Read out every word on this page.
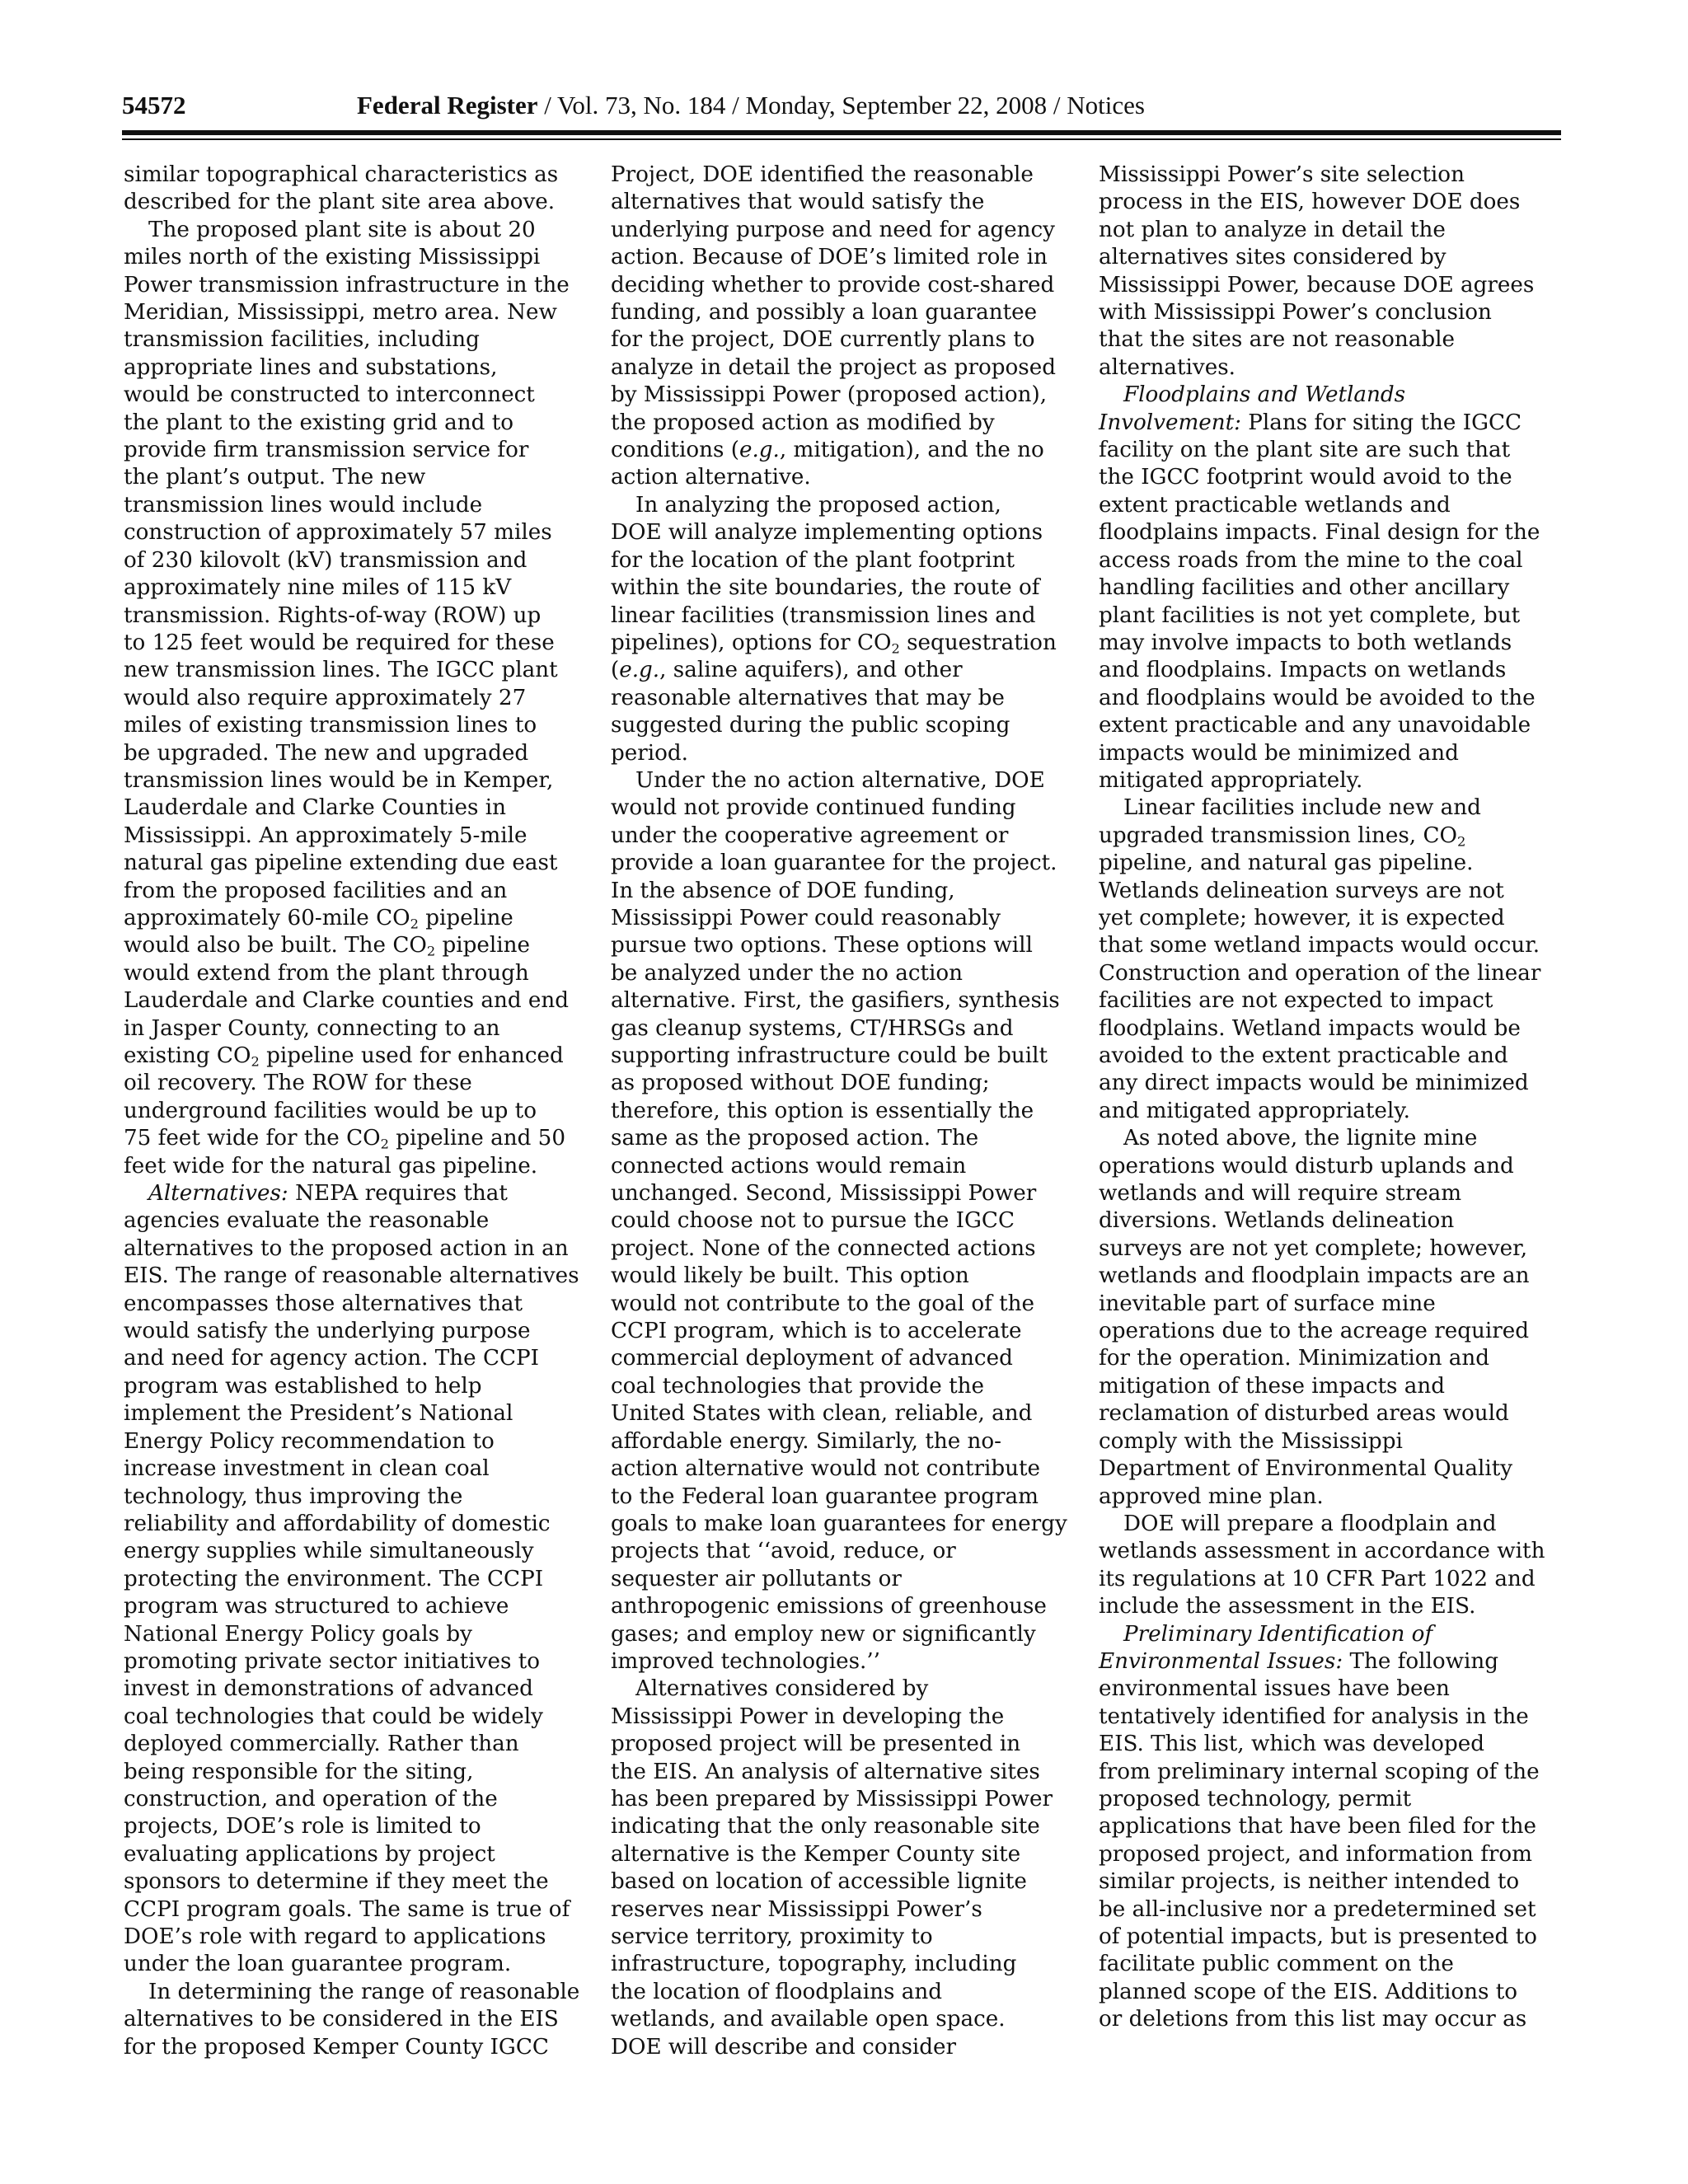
54572	Federal Register / Vol. 73, No. 184 / Monday, September 22, 2008 / Notices

similar topographical characteristics as

described for the plant site area above.

The proposed plant site is about 20

miles north of the existing Mississippi

Power transmission infrastructure in the

Meridian, Mississippi, metro area. New

transmission facilities, including

appropriate lines and substations,

would be constructed to interconnect

the plant to the existing grid and to

provide firm transmission service for

the plant’s output. The new

transmission lines would include

construction of approximately 57 miles

of 230 kilovolt (kV) transmission and

approximately nine miles of 115 kV

transmission. Rights-of-way (ROW) up

to 125 feet would be required for these

new transmission lines. The IGCC plant

would also require approximately 27

miles of existing transmission lines to

be upgraded. The new and upgraded

transmission lines would be in Kemper,

Lauderdale and Clarke Counties in

Mississippi. An approximately 5-mile

natural gas pipeline extending due east

from the proposed facilities and an

approximately 60-mile $CO_2$ pipeline

would also be built. The $CO_2$ pipeline

would extend from the plant through

Lauderdale and Clarke counties and end

in Jasper County, connecting to an

existing $CO_2$ pipeline used for enhanced

oil recovery. The ROW for these

underground facilities would be up to

75 feet wide for the $CO_2$ pipeline and 50

feet wide for the natural gas pipeline.

Alternatives: NEPA requires that

agencies evaluate the reasonable

alternatives to the proposed action in an

EIS. The range of reasonable alternatives

encompasses those alternatives that

would satisfy the underlying purpose

and need for agency action. The CCPI

program was established to help

implement the President’s National

Energy Policy recommendation to

increase investment in clean coal

technology, thus improving the

reliability and affordability of domestic

energy supplies while simultaneously

protecting the environment. The CCPI

program was structured to achieve

National Energy Policy goals by

promoting private sector initiatives to

invest in demonstrations of advanced

coal technologies that could be widely

deployed commercially. Rather than

being responsible for the siting,

construction, and operation of the

projects, DOE’s role is limited to

evaluating applications by project

sponsors to determine if they meet the

CCPI program goals. The same is true of

DOE’s role with regard to applications

under the loan guarantee program.

In determining the range of reasonable

alternatives to be considered in the EIS

for the proposed Kemper County IGCC

Project, DOE identified the reasonable

alternatives that would satisfy the

underlying purpose and need for agency

action. Because of DOE’s limited role in

deciding whether to provide cost-shared

funding, and possibly a loan guarantee

for the project, DOE currently plans to

analyze in detail the project as proposed

by Mississippi Power (proposed action),

the proposed action as modified by

conditions (e.g., mitigation), and the no

action alternative.

In analyzing the proposed action,

DOE will analyze implementing options

for the location of the plant footprint

within the site boundaries, the route of

linear facilities (transmission lines and

pipelines), options for $CO_2$ sequestration

(e.g., saline aquifers), and other

reasonable alternatives that may be

suggested during the public scoping

period.

Under the no action alternative, DOE

would not provide continued funding

under the cooperative agreement or

provide a loan guarantee for the project.

In the absence of DOE funding,

Mississippi Power could reasonably

pursue two options. These options will

be analyzed under the no action

alternative. First, the gasifiers, synthesis

gas cleanup systems, CT/HRSGs and

supporting infrastructure could be built

as proposed without DOE funding;

therefore, this option is essentially the

same as the proposed action. The

connected actions would remain

unchanged. Second, Mississippi Power

could choose not to pursue the IGCC

project. None of the connected actions

would likely be built. This option

would not contribute to the goal of the

CCPI program, which is to accelerate

commercial deployment of advanced

coal technologies that provide the

United States with clean, reliable, and

affordable energy. Similarly, the no-

action alternative would not contribute

to the Federal loan guarantee program

goals to make loan guarantees for energy

projects that ‘‘avoid, reduce, or

sequester air pollutants or

anthropogenic emissions of greenhouse

gases; and employ new or significantly

improved technologies.’’

Alternatives considered by

Mississippi Power in developing the

proposed project will be presented in

the EIS. An analysis of alternative sites

has been prepared by Mississippi Power

indicating that the only reasonable site

alternative is the Kemper County site

based on location of accessible lignite

reserves near Mississippi Power’s

service territory, proximity to

infrastructure, topography, including

the location of floodplains and

wetlands, and available open space.

DOE will describe and consider

Mississippi Power’s site selection

process in the EIS, however DOE does

not plan to analyze in detail the

alternatives sites considered by

Mississippi Power, because DOE agrees

with Mississippi Power’s conclusion

that the sites are not reasonable

alternatives.

Floodplains and Wetlands

Involvement: Plans for siting the IGCC

facility on the plant site are such that

the IGCC footprint would avoid to the

extent practicable wetlands and

floodplains impacts. Final design for the

access roads from the mine to the coal

handling facilities and other ancillary

plant facilities is not yet complete, but

may involve impacts to both wetlands

and floodplains. Impacts on wetlands

and floodplains would be avoided to the

extent practicable and any unavoidable

impacts would be minimized and

mitigated appropriately.

Linear facilities include new and

upgraded transmission lines, $CO_2$

pipeline, and natural gas pipeline.

Wetlands delineation surveys are not

yet complete; however, it is expected

that some wetland impacts would occur.

Construction and operation of the linear

facilities are not expected to impact

floodplains. Wetland impacts would be

avoided to the extent practicable and

any direct impacts would be minimized

and mitigated appropriately.

As noted above, the lignite mine

operations would disturb uplands and

wetlands and will require stream

diversions. Wetlands delineation

surveys are not yet complete; however,

wetlands and floodplain impacts are an

inevitable part of surface mine

operations due to the acreage required

for the operation. Minimization and

mitigation of these impacts and

reclamation of disturbed areas would

comply with the Mississippi

Department of Environmental Quality

approved mine plan.

DOE will prepare a floodplain and

wetlands assessment in accordance with

its regulations at 10 CFR Part 1022 and

include the assessment in the EIS.

Preliminary Identification of

Environmental Issues: The following

environmental issues have been

tentatively identified for analysis in the

EIS. This list, which was developed

from preliminary internal scoping of the

proposed technology, permit

applications that have been filed for the

proposed project, and information from

similar projects, is neither intended to

be all-inclusive nor a predetermined set

of potential impacts, but is presented to

facilitate public comment on the

planned scope of the EIS. Additions to

or deletions from this list may occur as
